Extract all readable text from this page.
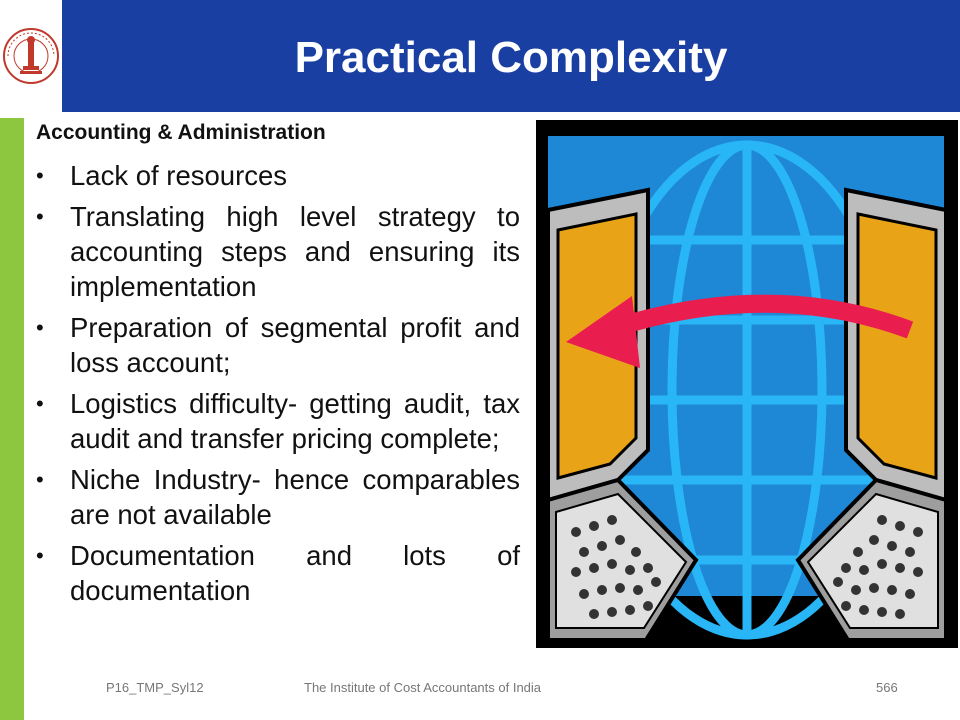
Practical Complexity
Accounting & Administration
• Lack of resources
• Translating high level strategy to accounting steps and ensuring its implementation
• Preparation of segmental profit and loss account;
• Logistics difficulty- getting audit, tax audit and transfer pricing complete;
• Niche Industry- hence comparables are not available
• Documentation and lots of documentation
P16_TMP_Syl12	The Institute of Cost Accountants of India	566
